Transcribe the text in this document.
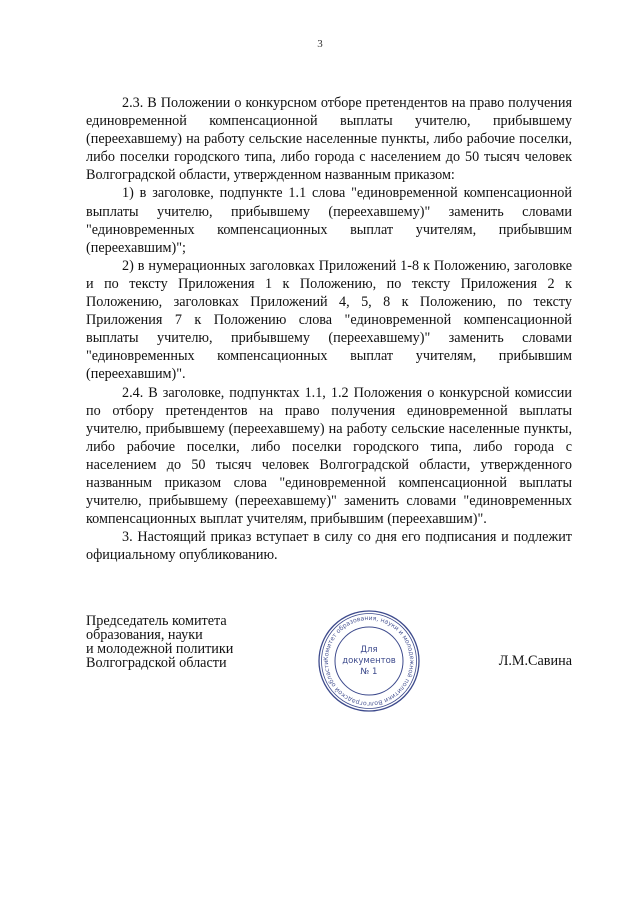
3

2.3. В Положении о конкурсном отборе претендентов на право получения единовременной компенсационной выплаты учителю, прибывшему (переехавшему) на работу сельские населенные пункты, либо рабочие поселки, либо поселки городского типа, либо города с населением до 50 тысяч человек Волгоградской области, утвержденном названным приказом:

1) в заголовке, подпункте 1.1 слова "единовременной компенсационной выплаты учителю, прибывшему (переехавшему)" заменить словами "единовременных компенсационных выплат учителям, прибывшим (переехавшим)";

2) в нумерационных заголовках Приложений 1-8 к Положению, заголовке и по тексту Приложения 1 к Положению, по тексту Приложения 2 к Положению, заголовках Приложений 4, 5, 8 к Положению, по тексту Приложения 7 к Положению слова "единовременной компенсационной выплаты учителю, прибывшему (переехавшему)" заменить словами "единовременных компенсационных выплат учителям, прибывшим (переехавшим)".

2.4. В заголовке, подпунктах 1.1, 1.2 Положения о конкурсной комиссии по отбору претендентов на право получения единовременной выплаты учителю, прибывшему (переехавшему) на работу сельские населенные пункты, либо рабочие поселки, либо поселки городского типа, либо города с населением до 50 тысяч человек Волгоградской области, утвержденного названным приказом слова "единовременной компенсационной выплаты учителю, прибывшему (переехавшему)" заменить словами "единовременных компенсационных выплат учителям, прибывшим (переехавшим)".

3. Настоящий приказ вступает в силу со дня его подписания и подлежит официальному опубликованию.

Председатель комитета
образования, науки
и молодежной политики
Волгоградской области	Комитет образования, науки и молодежной политики Волгоградской области
Для
документов
№ 1
Л.М.Савина
